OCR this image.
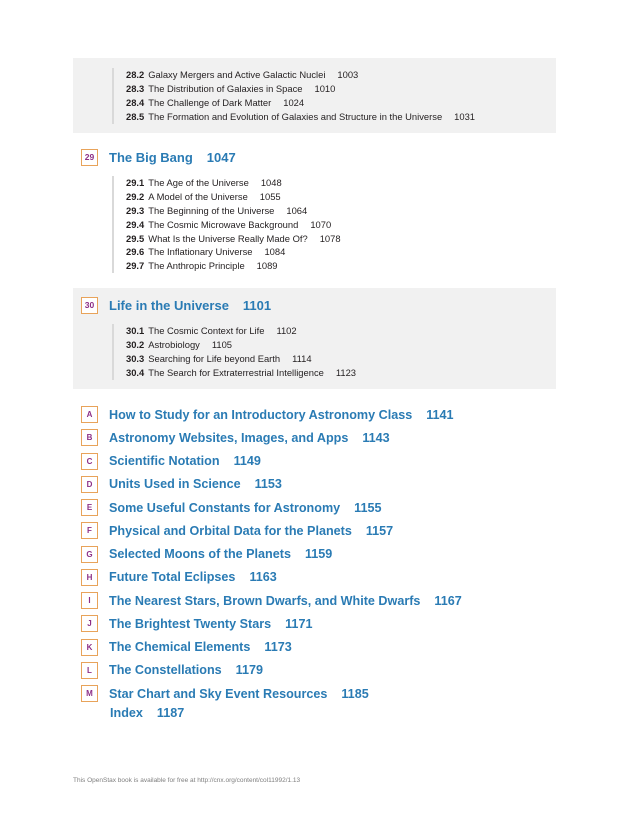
28.2 Galaxy Mergers and Active Galactic Nuclei 1003
28.3 The Distribution of Galaxies in Space 1010
28.4 The Challenge of Dark Matter 1024
28.5 The Formation and Evolution of Galaxies and Structure in the Universe 1031
29 The Big Bang 1047
29.1 The Age of the Universe 1048
29.2 A Model of the Universe 1055
29.3 The Beginning of the Universe 1064
29.4 The Cosmic Microwave Background 1070
29.5 What Is the Universe Really Made Of? 1078
29.6 The Inflationary Universe 1084
29.7 The Anthropic Principle 1089
30 Life in the Universe 1101
30.1 The Cosmic Context for Life 1102
30.2 Astrobiology 1105
30.3 Searching for Life beyond Earth 1114
30.4 The Search for Extraterrestrial Intelligence 1123
A	How to Study for an Introductory Astronomy Class 1141
B	Astronomy Websites, Images, and Apps 1143
C	Scientific Notation 1149
D	Units Used in Science 1153
E	Some Useful Constants for Astronomy 1155
F	Physical and Orbital Data for the Planets 1157
G	Selected Moons of the Planets 1159
H	Future Total Eclipses 1163
I	The Nearest Stars, Brown Dwarfs, and White Dwarfs 1167
J	The Brightest Twenty Stars 1171
K	The Chemical Elements 1173
L	The Constellations 1179
M	Star Chart and Sky Event Resources 1185
Index 1187
This OpenStax book is available for free at http://cnx.org/content/col11992/1.13
